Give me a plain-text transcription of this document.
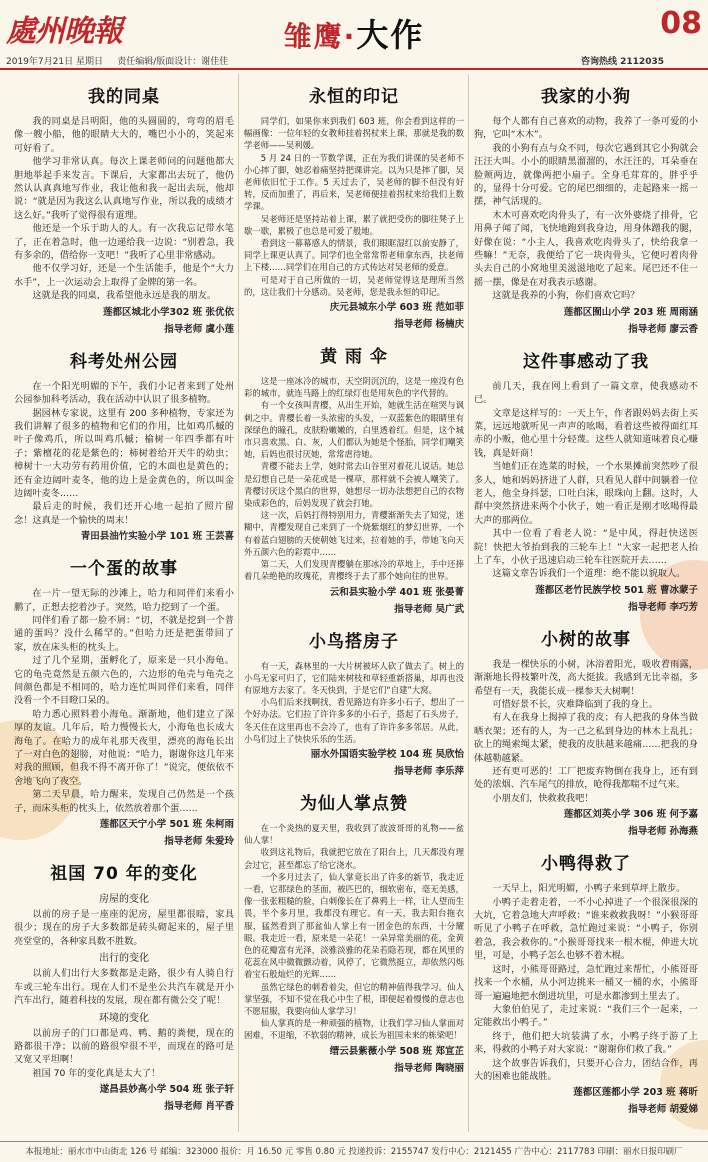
處州晚報	雏鹰·大作	08
2019年7月21日 星期日 责任编辑/版面设计：谢佳佳	咨询热线 2112035
我的同桌

我的同桌是吕明阳，他的头圆圆的，弯弯的眉毛像一艘小船，他的眼睛大大的，嘴巴小小的，笑起来可好看了。

他学习非常认真。每次上课老师问的问题他都大胆地举起手来发言。下课后，大家都出去玩了，他仍然认认真真地写作业，我让他和我一起出去玩，他却说：“就是因为我这么认真地写作业，所以我的成绩才这么好。”我听了觉得很有道理。

他还是一个乐于助人的人。有一次我忘记带水笔了，正在着急时，他一边递给我一边说：“别着急，我有多余的，借给你一支吧！”我听了心里非常感动。

他不仅学习好，还是一个生活能手，他是个“大力水手”，上一次运动会上取得了金牌的第一名。

这就是我的同桌，我希望他永远是我的朋友。

莲都区城北小学302 班 张优依
指导老师 虞小莲
科考处州公园

在一个阳光明媚的下午，我们小记者来到了处州公园参加科考活动，我在活动中认识了很多植物。

据园林专家说，这里有 200 多种植物，专家还为我们讲解了很多的植物和它们的作用，比如鸡爪槭的叶子像鸡爪，所以叫鸡爪槭；榆树一年四季都有叶子；紫檀花的花是紫色的；柿树着给开天牛的幼虫；樟树十一大功劳有药用价值，它的木面也是黄色的；还有金边阔叶麦冬，他的边上是金黄色的，所以叫金边阔叶麦冬……

最后走的时候，我们还开心地一起拍了照片留念！这真是一个愉快的周末！

青田县油竹实验小学 101 班 王芸喜
一个蛋的故事

在一片一望无际的沙滩上，哈力和同伴们来看小鹏了，正想去挖着沙子。突然，哈力挖到了一个蛋。

同伴们看了都一脸不屑：“切，不就是挖到一个普通的蛋吗？没什么稀罕的。”但哈力还是把蛋带回了家，放在床头柜的枕头上。

过了几个星期，蛋孵化了，原来是一只小海龟。它的龟壳竟然是五颜六色的，六边形的龟壳与龟壳之间颜色都是不相同的，哈力连忙叫同伴们来看，同伴没看一个不目瞪口呆的。

哈力悉心照料着小海龟。渐渐地，他们建立了深厚的友谊。几年后，哈力慢慢长大，小海龟也长成大海龟了。在哈力的成年礼那天夜里，漂亮的海龟长出了一对白色的翅膀，对他说：“哈力，谢谢你这几年来对我的照顾，但我不得不离开你了！”说完，便依依不舍地飞向了夜空。

第二天早晨，哈力醒来，发现自己仍然是一个孩子，而床头柜的枕头上，依然放着那个蛋……

莲都区天宁小学 501 班 朱柯雨
指导老师 朱爱玲
祖国 70 年的变化
房屋的变化

以前的房子是一座座的泥房，屋里都很暗，家具很少；现在的房子大多数都是砖头砌起来的，屋子里亮堂堂的，各种家具数不胜数。

出行的变化

以前人们出行大多数都是走路，很少有人骑自行车或三轮车出行。现在人们不是坐公共汽车就是开小汽车出行，随着科技的发展，现在都有微公交了呢！

环境的变化

以前房子的门口都是鸡、鸭、鹅的粪便，现在的路都很干净；以前的路很窄很不平，而现在的路可是又宽又平坦啊！

祖国 70 年的变化真是太大了！

遂昌县妙高小学 504 班 张子轩
指导老师 肖平香
永恒的印记

同学们，如果你来到我们 603 班，你会看到这样的一幅画像：一位年轻的女教师挂着拐杖来上课，那就是我的数学老师——吴利媛。

5 月 24 日的一节数学课，正在为我们讲课的吴老师不小心摔了脚，她忍着痛坚持把课讲完。以为只是摔了脚，吴老师依旧忙于工作。5 天过去了，吴老师的脚不但没有好转，反而加重了，再后来，吴老师便挂着拐杖来给我们上数学课。

吴老师还是坚持站着上课，累了就把受伤的脚往凳子上歇一歇，累极了也总是可爱了般地。

看到这一幕幕感人的情景，我们眼眶湿红以前安静了，同学上课更认真了。同学们也全常常帮老师拿东西，扶老师上下楼……同学们在用自己的方式传达对吴老师的爱意。

可是对于自己所做的一切，吴老师觉得这是理所当然的，这让我们十分感动。吴老师，您是我永恒的印记。

庆元县城东小学 603 班 范如菲
指导老师 杨楠庆
黄 雨 伞

这是一座冰冷的城市，天空阴沉沉的，这是一座没有色彩的城市，就连马路上的红绿灯也是用灰色的字代替的。

有一个女孩叫青樱，从出生开始，她就生活在喧哭与讽刺之中。青樱长着一头浓密的头发，一双蓝紫色的眼睛里有深绿色的瞳孔，皮肤粉嫩嫩的，白里透着红。但是，这个城市只喜欢黑、白、灰，人们都认为她是个怪胎，同学们嘲笑她，后妈也很讨厌她，常常虐待她。

青樱不能去上学，她时常去山谷里对着花儿说话。她总是幻想自己是一朵花或是一棵草，那样就不会被人嘲笑了。青樱讨厌这个黑白的世界，她想尽一切办法想把自己的衣物染成彩色的，后妈发现了就会打她。

这一次，后妈打得特别用力，青樱渐渐失去了知觉，迷糊中，青樱发现自己来到了一个烧紫烟红的梦幻世界，一个有着蓝白翅膀的天使朝她飞过来，拉着她的手，带她飞向天外五颜六色的彩霓中……

第二天，人们发现青樱躺在那冰冷的草地上，手中还捧着几朵绝艳的玫瑰花，青樱终于去了那个她向往的世界。

云和县实验小学 401 班 张晏菁
指导老师 吴广武
小鸟搭房子

有一天，森林里的一大片树被坏人砍了做去了。树上的小鸟无家可归了，它们陆来树枝和草轻重新搭巢，却再也没有原地方去家了。冬天快到，于是它们“自建”大窝。

小鸟们后来找啊找，看见路边有许多小石子，想出了一个好办法。它们拉了许许多多的小石子，搭起了石头房子，冬天住在这里再也不会冷了，也有了许许多多邻居。从此，小鸟们过上了快快乐乐的生活。

丽水外国语实验学校 104 班 吴欣怡
指导老师 李乐萍
为仙人掌点赞

在一个炎热的夏天里，我收到了波波哥哥的礼物——盆仙人掌！

收到这礼物后，我就把它放在了阳台上，几天都没有理会过它，甚至都忘了给它浇水。

一个多月过去了，仙人掌竟长出了许多的新节，我走近一看，它那绿色的茎面，被匹巴的，细软密布，毫无美感，像一张张粗糙的脸，白刺像长在了鼻鸦上一样，让人望而生畏，半个多月里，我都没有理它。有一天，我去阳台拖衣服，猛然看到了那盆仙人掌上有一团金色的东西，十分耀眼。我走近一看，原来是一朵花！一朵异常美丽的花，金黄色的花瓣富有光泽，淡雅淡雅的花朵若隐若现，都在风里的花蕊在风中微微颤动着，风停了，它微然挺立，却依然闪烁着宝石般灿烂的光辉……

虽然它绿色的刺看着尖，但它的精神值得我学习。仙人掌坚强，不知不觉在我心中生了根，即便起着慢慢的意志也不愿屈服，我要向仙人掌学习！

仙人掌真的是一种顽强的植物，让我们学习仙人掌面对困难，不退缩，不软弱的精神，成长为祖国未来的栋梁吧！

缙云县紫薇小学 508 班 郑宣芷
指导老师 陶晓丽
我家的小狗

每个人都有自己喜欢的动物，我养了一条可爱的小狗，它叫“木木”。

我的小狗有点与众不同，每次它遇到其它小狗就会汪汪大叫。小小的眼睛黑溜溜的，水汪汪的，耳朵垂在脸颊两边，就像两把小扇子。全身毛茸茸的，胖乎乎的，显得十分可爱。它的尾巴细细的，走起路来一摇一摆，神气活现的。

木木可喜欢吃肉骨头了，有一次外婆烧了排骨，它用鼻子闻了闻，飞快地跑到我身边，用身体蹭我的腿，好像在说：“小主人，我喜欢吃肉骨头了，快给我拿一些嘛！”无奈，我便给了它一块肉骨头，它便叼着肉骨头去自己的小窝地里美滋滋地吃了起来。尾巴还不住一摇一摆，像是在对我表示感谢。

这就是我养的小狗，你们喜欢它吗？

莲都区囿山小学 203 班 周雨涵
指导老师 廖云香
这件事感动了我

前几天，我在网上看到了一篇文章，使我感动不已。

文章是这样写的：一天上午，作者跟妈妈去街上买菜，远远地就听见一声声的吆喝，看着这些被得面红耳赤的小贩，他心里十分轻蔑。这些人就知道味着良心赚钱，真是奸商！

当她们正在选菜的时候，一个水果摊前突然吵了很多人，她和妈妈挤进了人群，只看见人群中间躺着一位老人，他全身抖瑟，口吐白沫，眼珠向上翻。这时，人群中突然挤进来两个小伙子，她一看正是刚才吆喝得最大声的那两位。

其中一位看了看老人说：“是中风，得赶快送医院！快把大爷抬到我的三轮车上！”大家一起把老人抬上了车，小伙子迅速启动三轮车往医院开去……

这篇文章告诉我们一个道理：绝不能以貌取人。

莲都区老竹民族学校 501 班 曹冰蒙子
指导老师 李巧芳
小树的故事

我是一棵快乐的小树，沐浴着阳光，吸收着雨露，渐渐地长得枝繁叶茂，高大挺拔。我感到无比幸福，多希望有一天，我能长成一棵参天大树啊！

可惜好景不长，灾难降临到了我的身上。

有人在我身上揭掉了我的皮；有人把我的身体当做晒衣架；还有的人，为一己之私到身边的林木上乱扎；砍上的绳索绳太紧，使我的皮肤越来越痛……把我的身体越勒越紧。

还有更可恶的！工厂把废弃物倒在我身上，还有到处的浓烟、汽车尾气的排放，呛得我都喘不过气来。

小朋友们，快救救我吧！

莲都区刘英小学 306 班 何予嘉
指导老师 孙海燕
小鸭得救了

一天早上，阳光明媚，小鸭子来到草坪上散步。

小鸭子走着走着，一不小心掉进了一个很深很深的大坑，它着急地大声呼救：“谁来救救我呀！”小猴哥哥听见了小鸭子在呼救，急忙跑过来说：“小鸭子，你别着急，我会救你的。”小猴哥哥找来一根木棍，伸进大坑里，可是，小鸭子怎么也够不着木棍。

这时，小熊哥哥路过，急忙跑过来帮忙，小熊哥哥找来一个水桶，从小河边挑来一桶又一桶的水，小熊哥哥一遍遍地把水倒进坑里，可是水都渗到土里去了。

大象伯伯见了，走过来说：“我们三个一起来，一定能救出小鸭子。”

终于，他们把大坑装满了水，小鸭子终于游了上来，得救的小鸭子对大家说：“谢谢你们救了我。”

这个故事告诉我们，只要开心合力，团结合作，再大的困难也能战胜。

莲都区莲都小学 203 班 蒋昕
指导老师 胡爱娣
本报地址：丽水市中山街北 126 号 邮编：323000 报价：月 16.50 元 零售 0.80 元 投递投诉：2155747 发行中心：2121455 广告中心：2117783 印刷：丽水日报印刷厂
